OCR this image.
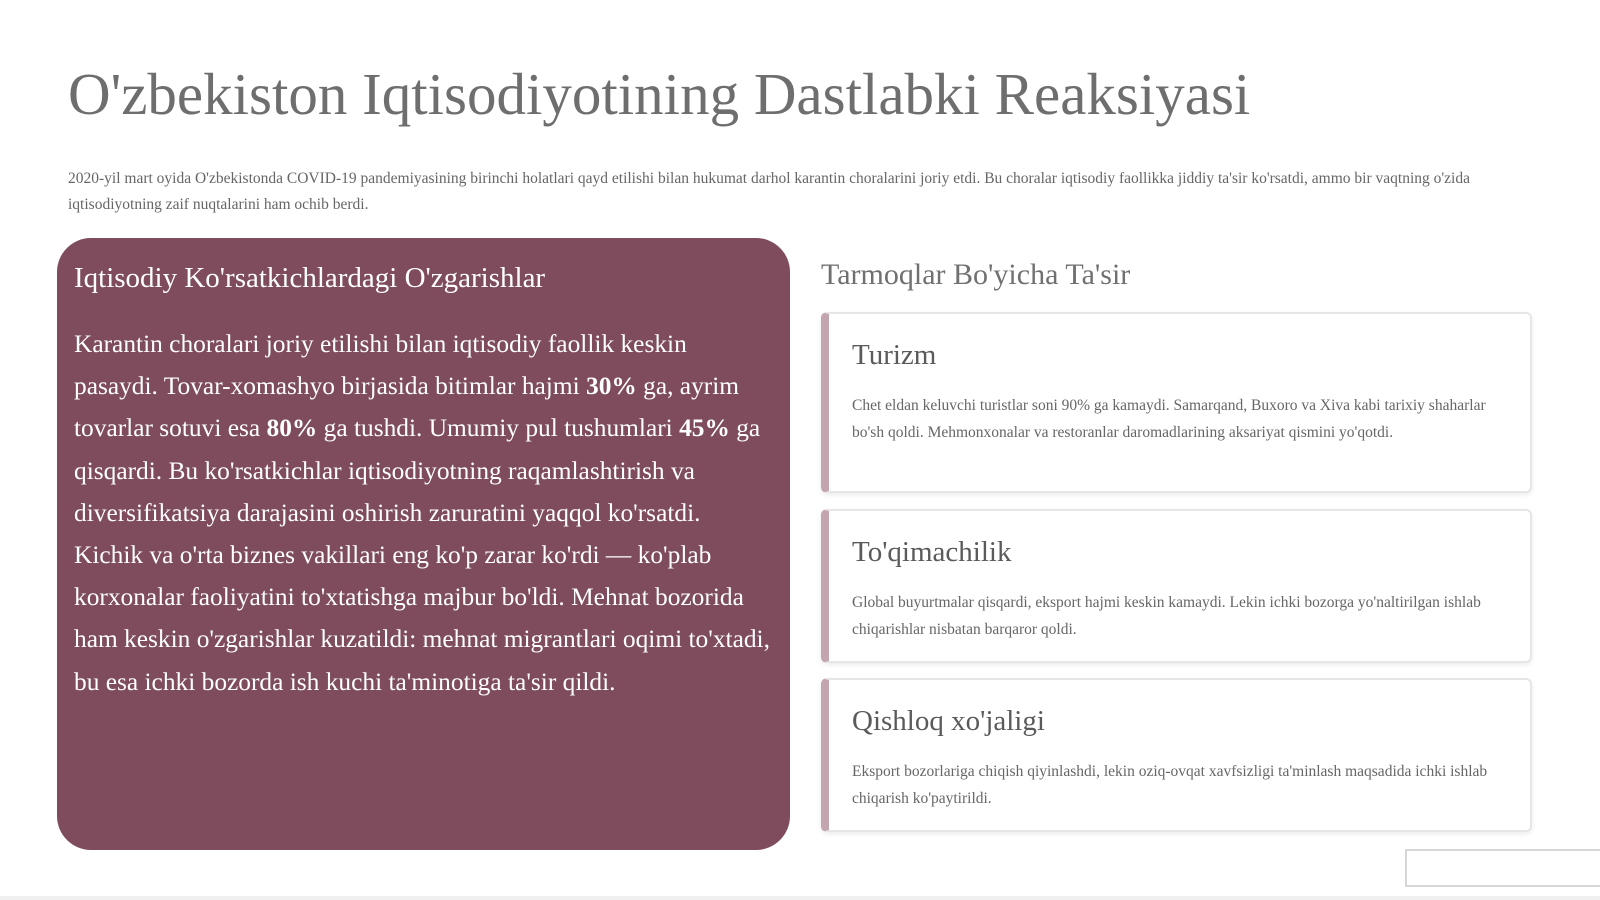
O'zbekiston Iqtisodiyotining Dastlabki Reaksiyasi

2020-yil mart oyida O'zbekistonda COVID-19 pandemiyasining birinchi holatlari qayd etilishi bilan hukumat darhol karantin choralarini joriy etdi. Bu choralar iqtisodiy faollikka jiddiy ta'sir ko'rsatdi, ammo bir vaqtning o'zida iqtisodiyotning zaif nuqtalarini ham ochib berdi.

Iqtisodiy Ko'rsatkichlardagi O'zgarishlar

Karantin choralari joriy etilishi bilan iqtisodiy faollik keskin pasaydi. Tovar-xomashyo birjasida bitimlar hajmi 30% ga, ayrim tovarlar sotuvi esa 80% ga tushdi. Umumiy pul tushumlari 45% ga qisqardi. Bu ko'rsatkichlar iqtisodiyotning raqamlashtirish va diversifikatsiya darajasini oshirish zaruratini yaqqol ko'rsatdi. Kichik va o'rta biznes vakillari eng ko'p zarar ko'rdi — ko'plab korxonalar faoliyatini to'xtatishga majbur bo'ldi. Mehnat bozorida ham keskin o'zgarishlar kuzatildi: mehnat migrantlari oqimi to'xtadi, bu esa ichki bozorda ish kuchi ta'minotiga ta'sir qildi.

Tarmoqlar Bo'yicha Ta'sir
Turizm

Chet eldan keluvchi turistlar soni 90% ga kamaydi. Samarqand, Buxoro va Xiva kabi tarixiy shaharlar bo'sh qoldi. Mehmonxonalar va restoranlar daromadlarining aksariyat qismini yo'qotdi.

To'qimachilik

Global buyurtmalar qisqardi, eksport hajmi keskin kamaydi. Lekin ichki bozorga yo'naltirilgan ishlab chiqarishlar nisbatan barqaror qoldi.

Qishloq xo'jaligi

Eksport bozorlariga chiqish qiyinlashdi, lekin oziq-ovqat xavfsizligi ta'minlash maqsadida ichki ishlab chiqarish ko'paytirildi.
